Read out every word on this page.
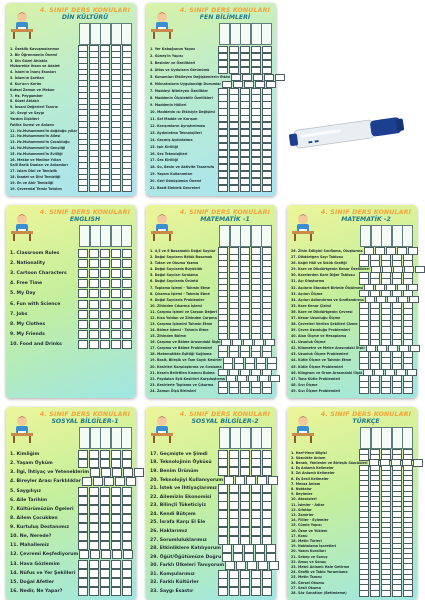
4. SINIF DERS KONULARI
DİN KÜLTÜRÜ
1. Özeklik Kavuşmalarımız
2. Bir Öğrenmenin Önemi
3. Din Güzel Ahlakla
Mübarekle İhsan ve Adalet
4. İslam'ın İnanç Esasları
5. İslam'ın Şartları
6. Kur'an-ı Kerim
Kutsal Zaman ve Mekan
7. Hz. Peygamber
8. Güzel Ahlaklı
9. İnsanî Değerleri Tanırız
10. Sevgi ve Saygı
Yardım İlişkileri
Fatiha Suresi ve Anlamı
11. Hz.Muhammed'in doğduğu yıllar
12. Hz.Muhammed'in Ailesi
13. Hz.Muhammed'in Çocukluğu
14. Hz.Muhammed'in Gençliği
15. Hz.Muhammed'in Evliliği
16. Mekke ve Medine Yılları
Salli Barik Duaları ve Anlamları
17. Islam Dini ve Temizlik
18. İbadet ve Dini Temizliği
19. En ve Ahir Temizliği
19. Çevremizi Temiz Tutalım
4. SINIF DERS KONULARI
FEN BİLİMLERİ
1. Yer Kabuğunun Yapısı
2. Güneş'in Yapısı
3. Besinler ve Özellikleri
4. Atlas ve Uyduların Görünümü
5. Konumları Etkileyen Değişkenlerin Etkisi
6. Mıknatısların Uygulandığı Durumlar
7. Maddeyi Niteleyen Özellikler
8. Maddenin Ölçülebilir Özellikleri
9. Maddenin Hâlleri
10. Maddenin ısı Etkisiyle Değişimi
11. Saf Madde ve Karışım
12. Karışımların Ayrıştırılması
13. Aydınlatma Teknolojileri
14. Geçmiş Aydınlatma
15. Işık Kirliliği
16. Ses Teknolojileri
17. Ses Kirliliği
18. Su, Besin ve Aktivite Tasarrufu
19. Yaşam Kullanımları
20. Geri Dönüşümün Önemi
21. Basit Elektrik Devreleri
4. SINIF DERS KONULARI
ENGLISH
1. Classroom Rules
2. Nationality
3. Cartoon Characters
4. Free Time
5. My Day
6. Fun with Science
7. Jobs
8. My Clothes
9. My Friends
10. Food and Drinks
4. SINIF DERS KONULARI
MATEMATİK -1
1. 4,5 ve 6 Basamaklı Doğal Sayılar
2. Doğal Sayıların Bölük Basamak
3. Tutarı ve Okuma Yazma
4. Doğal Sayılarda Büyüklük
5. Doğal Sayıları Sıralama
6. Doğal Sayılarda Örüntü
7. Toplama İşlemi - Tahmin Etme
8. Çıkarma İşlemi - Tahmin Etme
9. Doğal Sayılarla Problemler
10. Zihinden Çıkarma İşlemi
11. Çarpma İşlemi ve Çarpan Değeri
12. Kısa Yoldan ve Zihinden Çarpma
13. Çarpma İşlemini Tahmin Etme
14. Bölme İşlemi - Tahmin Etme
15. Zihinden Bölme
16. Çarpma ve Bölme Arasındaki İlişki
17. Çarpma ve Bölme Problemleri
18. Matematikte Eşitliği Sağlama
19. Basit, Bileşik ve Tam Sayılı Kesirler
20. Kesirleri Karşılaştırma ve Sıralama
21. Kesrin Belirtilen Kısmını Bulma
22. Paydaları Eşit Kesirleri Karşılaştırma
23. Kesirlerle Toplama ve Çıkarma
24. Zaman Ölçü Birimleri
4. SINIF DERS KONULARI
MATEMATİK -2
26. Zihin Edilgini Sınıflama, Oluşturma
27. Dikdörtgen Sayı Tablosu
28. Kağıt Hâlî ve Sıklık Grafiği
29. Kare ve Dikdörtgenin Kenar Özellikleri
30. Karelerden Kare Diğer Tablosu
31. Açı Oluşturma
32. Açıların Standart Birimle Ölçülmesi
33. Açıları Ölçme
34. Açıları Adlandırma ve Sınıflandırma
35. Kare Kenar Çizimi
36. Kare ve Dikdörtgenin Çevresi
37. Kenar Uzunluğu Ölçme
38. Çevreleri Verilen Şekilleri Çizme
39. Çevre Uzunluğu Problemleri
40. Alan Ölçme ve Hesaplama
41. Uzunluk Ölçme
42. Kilometre ve Metre Arasındaki İlişki
43. Uzunluk Ölçme Problemleri
44. Kütle Ölçme ve Tahmin Etme
45. Kütle Ölçme Problemleri
46. Kilogram ve Gram Arasındaki İlişki
47. Tona Kütle Problemleri
48. Sıvı Ölçme
49. Sıvı Ölçme Problemleri
4. SINIF DERS KONULARI
SOSYAL BİLGİLER-1
1. Kimliğim
2. Yaşam Öyküm
3. İlgi, İhtiyaç ve Yeteneklerim
4. Bireyler Arası Farklılıklar
5. Saygılıyız
6. Aile Tarihim
7. Kültürümüzün Ögeleri
8. Ailem Çocukken
9. Kurtuluş Destanımız
10. Ne, Nerede?
11. Mahallemiz
12. Çevremi Keşfediyorum
13. Hava Gözlemim
14. Nüfus ve Yer Şekilleri
15. Doğal Afetler
16. Nedir, Ne Yapar?
4. SINIF DERS KONULARI
SOSYAL BİLGİLER-2
17. Geçmişte ve Şimdi
18. Teknolojinin Öyküsü
19. Benim Ürünüm
20. Teknolojiyi Kullanıyorum
21. İstek ve İhtiyaçlarımız
22. Ailemizin Ekonomisi
23. Bilinçli Tüketiciyiz
24. Kendi Bütçem
25. İsrafa Karşı El Ele
26. Haklarımız
27. Sorumluluklarımız
28. Etkinliklere Katılıyorum
29. Öğüt/Öğütümüze Doğru
30. Farklı Ülkeleri Tanıyorum
31. Komşularımız
32. Farklı Kültürler
33. Saygı Esastır
4. SINIF DERS KONULARI
TÜRKÇE
1. Harf-Hece Bilgisi
2. Sözcükte Anlam
3. Benek, Yönlenim ve Birleşik Sözcükleri
4. Eş Anlamlı Kelimeler
5. Zıt Anlamlı Kelimeler
6. Eş Sesli Kelimeler
7. Mecaz Anlam
8. Noktalar
9. Deyimler
10. Atasözleri
11. İsimler - Adlar
12. Sıfatlar
13. Zamirler
14. Fiiller - Eylemler
15. Cümle Yapısı
16. Özne ve Yüklem
17. Konu
18. Metin Türleri
19. Noktalama İşaretleri
20. Yazım Kuralları
21. Sebep ve Sonuç
22. Amaç ve Sonuç
23. Metni Anlamlı Hale Getirme
24. Grafik ve Tablo Yorumlama
25. Metin Tanımı
26. Görsel Okuma
27. Sesli Okuma
28. Söz Sanatları (Betimleme)
▬ ▬
